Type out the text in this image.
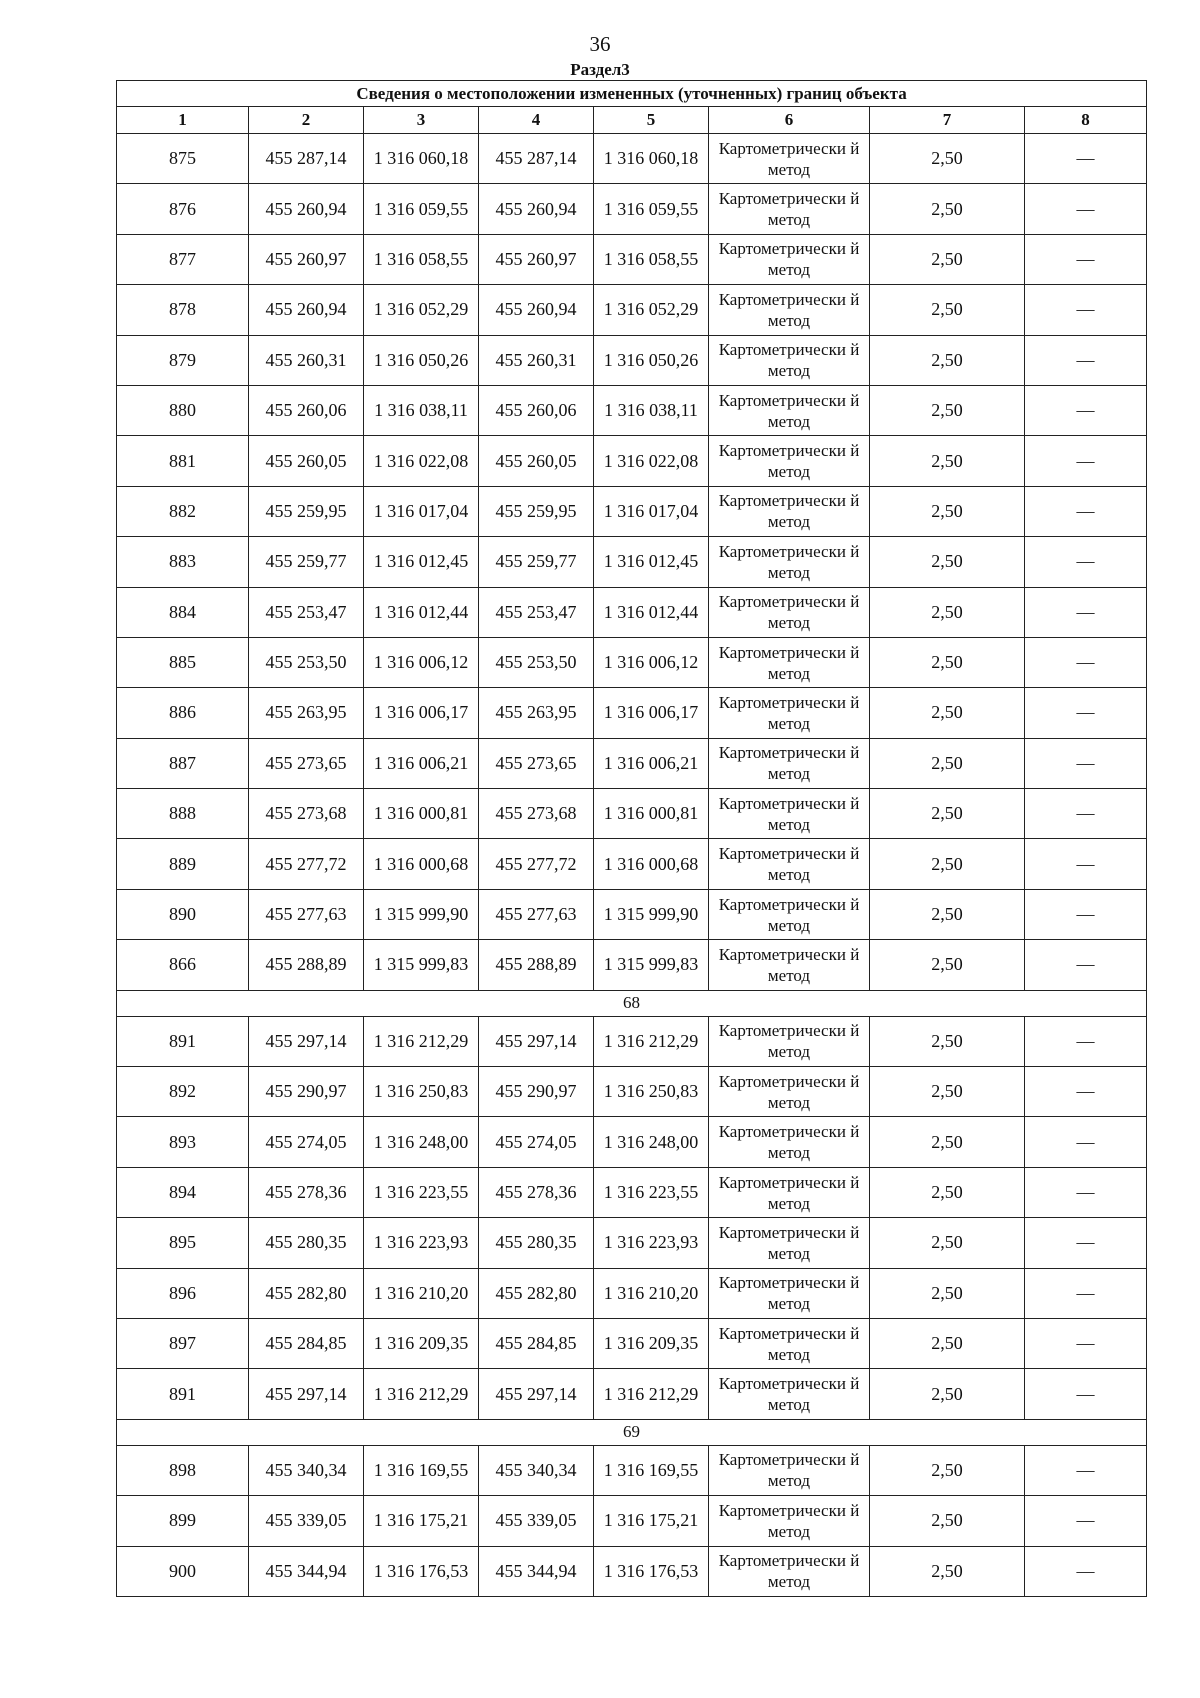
36
Раздел3
Сведения о местоположении измененных (уточненных) границ объекта							
1	2	3	4	5	6	7	8
875	455 287,14	1 316 060,18	455 287,14	1 316 060,18	Картометрически й метод	2,50	—
876	455 260,94	1 316 059,55	455 260,94	1 316 059,55	Картометрически й метод	2,50	—
877	455 260,97	1 316 058,55	455 260,97	1 316 058,55	Картометрически й метод	2,50	—
878	455 260,94	1 316 052,29	455 260,94	1 316 052,29	Картометрически й метод	2,50	—
879	455 260,31	1 316 050,26	455 260,31	1 316 050,26	Картометрически й метод	2,50	—
880	455 260,06	1 316 038,11	455 260,06	1 316 038,11	Картометрически й метод	2,50	—
881	455 260,05	1 316 022,08	455 260,05	1 316 022,08	Картометрически й метод	2,50	—
882	455 259,95	1 316 017,04	455 259,95	1 316 017,04	Картометрически й метод	2,50	—
883	455 259,77	1 316 012,45	455 259,77	1 316 012,45	Картометрически й метод	2,50	—
884	455 253,47	1 316 012,44	455 253,47	1 316 012,44	Картометрически й метод	2,50	—
885	455 253,50	1 316 006,12	455 253,50	1 316 006,12	Картометрически й метод	2,50	—
886	455 263,95	1 316 006,17	455 263,95	1 316 006,17	Картометрически й метод	2,50	—
887	455 273,65	1 316 006,21	455 273,65	1 316 006,21	Картометрически й метод	2,50	—
888	455 273,68	1 316 000,81	455 273,68	1 316 000,81	Картометрически й метод	2,50	—
889	455 277,72	1 316 000,68	455 277,72	1 316 000,68	Картометрически й метод	2,50	—
890	455 277,63	1 315 999,90	455 277,63	1 315 999,90	Картометрически й метод	2,50	—
866	455 288,89	1 315 999,83	455 288,89	1 315 999,83	Картометрически й метод	2,50	—
68							
891	455 297,14	1 316 212,29	455 297,14	1 316 212,29	Картометрически й метод	2,50	—
892	455 290,97	1 316 250,83	455 290,97	1 316 250,83	Картометрически й метод	2,50	—
893	455 274,05	1 316 248,00	455 274,05	1 316 248,00	Картометрически й метод	2,50	—
894	455 278,36	1 316 223,55	455 278,36	1 316 223,55	Картометрически й метод	2,50	—
895	455 280,35	1 316 223,93	455 280,35	1 316 223,93	Картометрически й метод	2,50	—
896	455 282,80	1 316 210,20	455 282,80	1 316 210,20	Картометрически й метод	2,50	—
897	455 284,85	1 316 209,35	455 284,85	1 316 209,35	Картометрически й метод	2,50	—
891	455 297,14	1 316 212,29	455 297,14	1 316 212,29	Картометрически й метод	2,50	—
69							
898	455 340,34	1 316 169,55	455 340,34	1 316 169,55	Картометрически й метод	2,50	—
899	455 339,05	1 316 175,21	455 339,05	1 316 175,21	Картометрически й метод	2,50	—
900	455 344,94	1 316 176,53	455 344,94	1 316 176,53	Картометрически й метод	2,50	—
